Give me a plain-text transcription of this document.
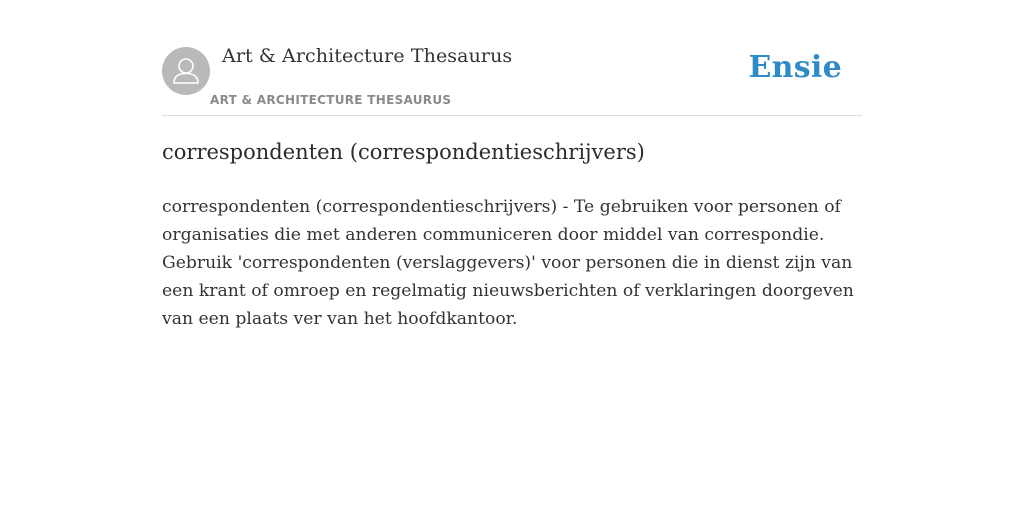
Art & Architecture Thesaurus
ART & ARCHITECTURE THESAURUS
Ensie
correspondenten (correspondentieschrijvers)
correspondenten (correspondentieschrijvers) - Te gebruiken voor personen of organisaties die met anderen communiceren door middel van correspondie. Gebruik 'correspondenten (verslaggevers)' voor personen die in dienst zijn van een krant of omroep en regelmatig nieuwsberichten of verklaringen doorgeven van een plaats ver van het hoofdkantoor.
